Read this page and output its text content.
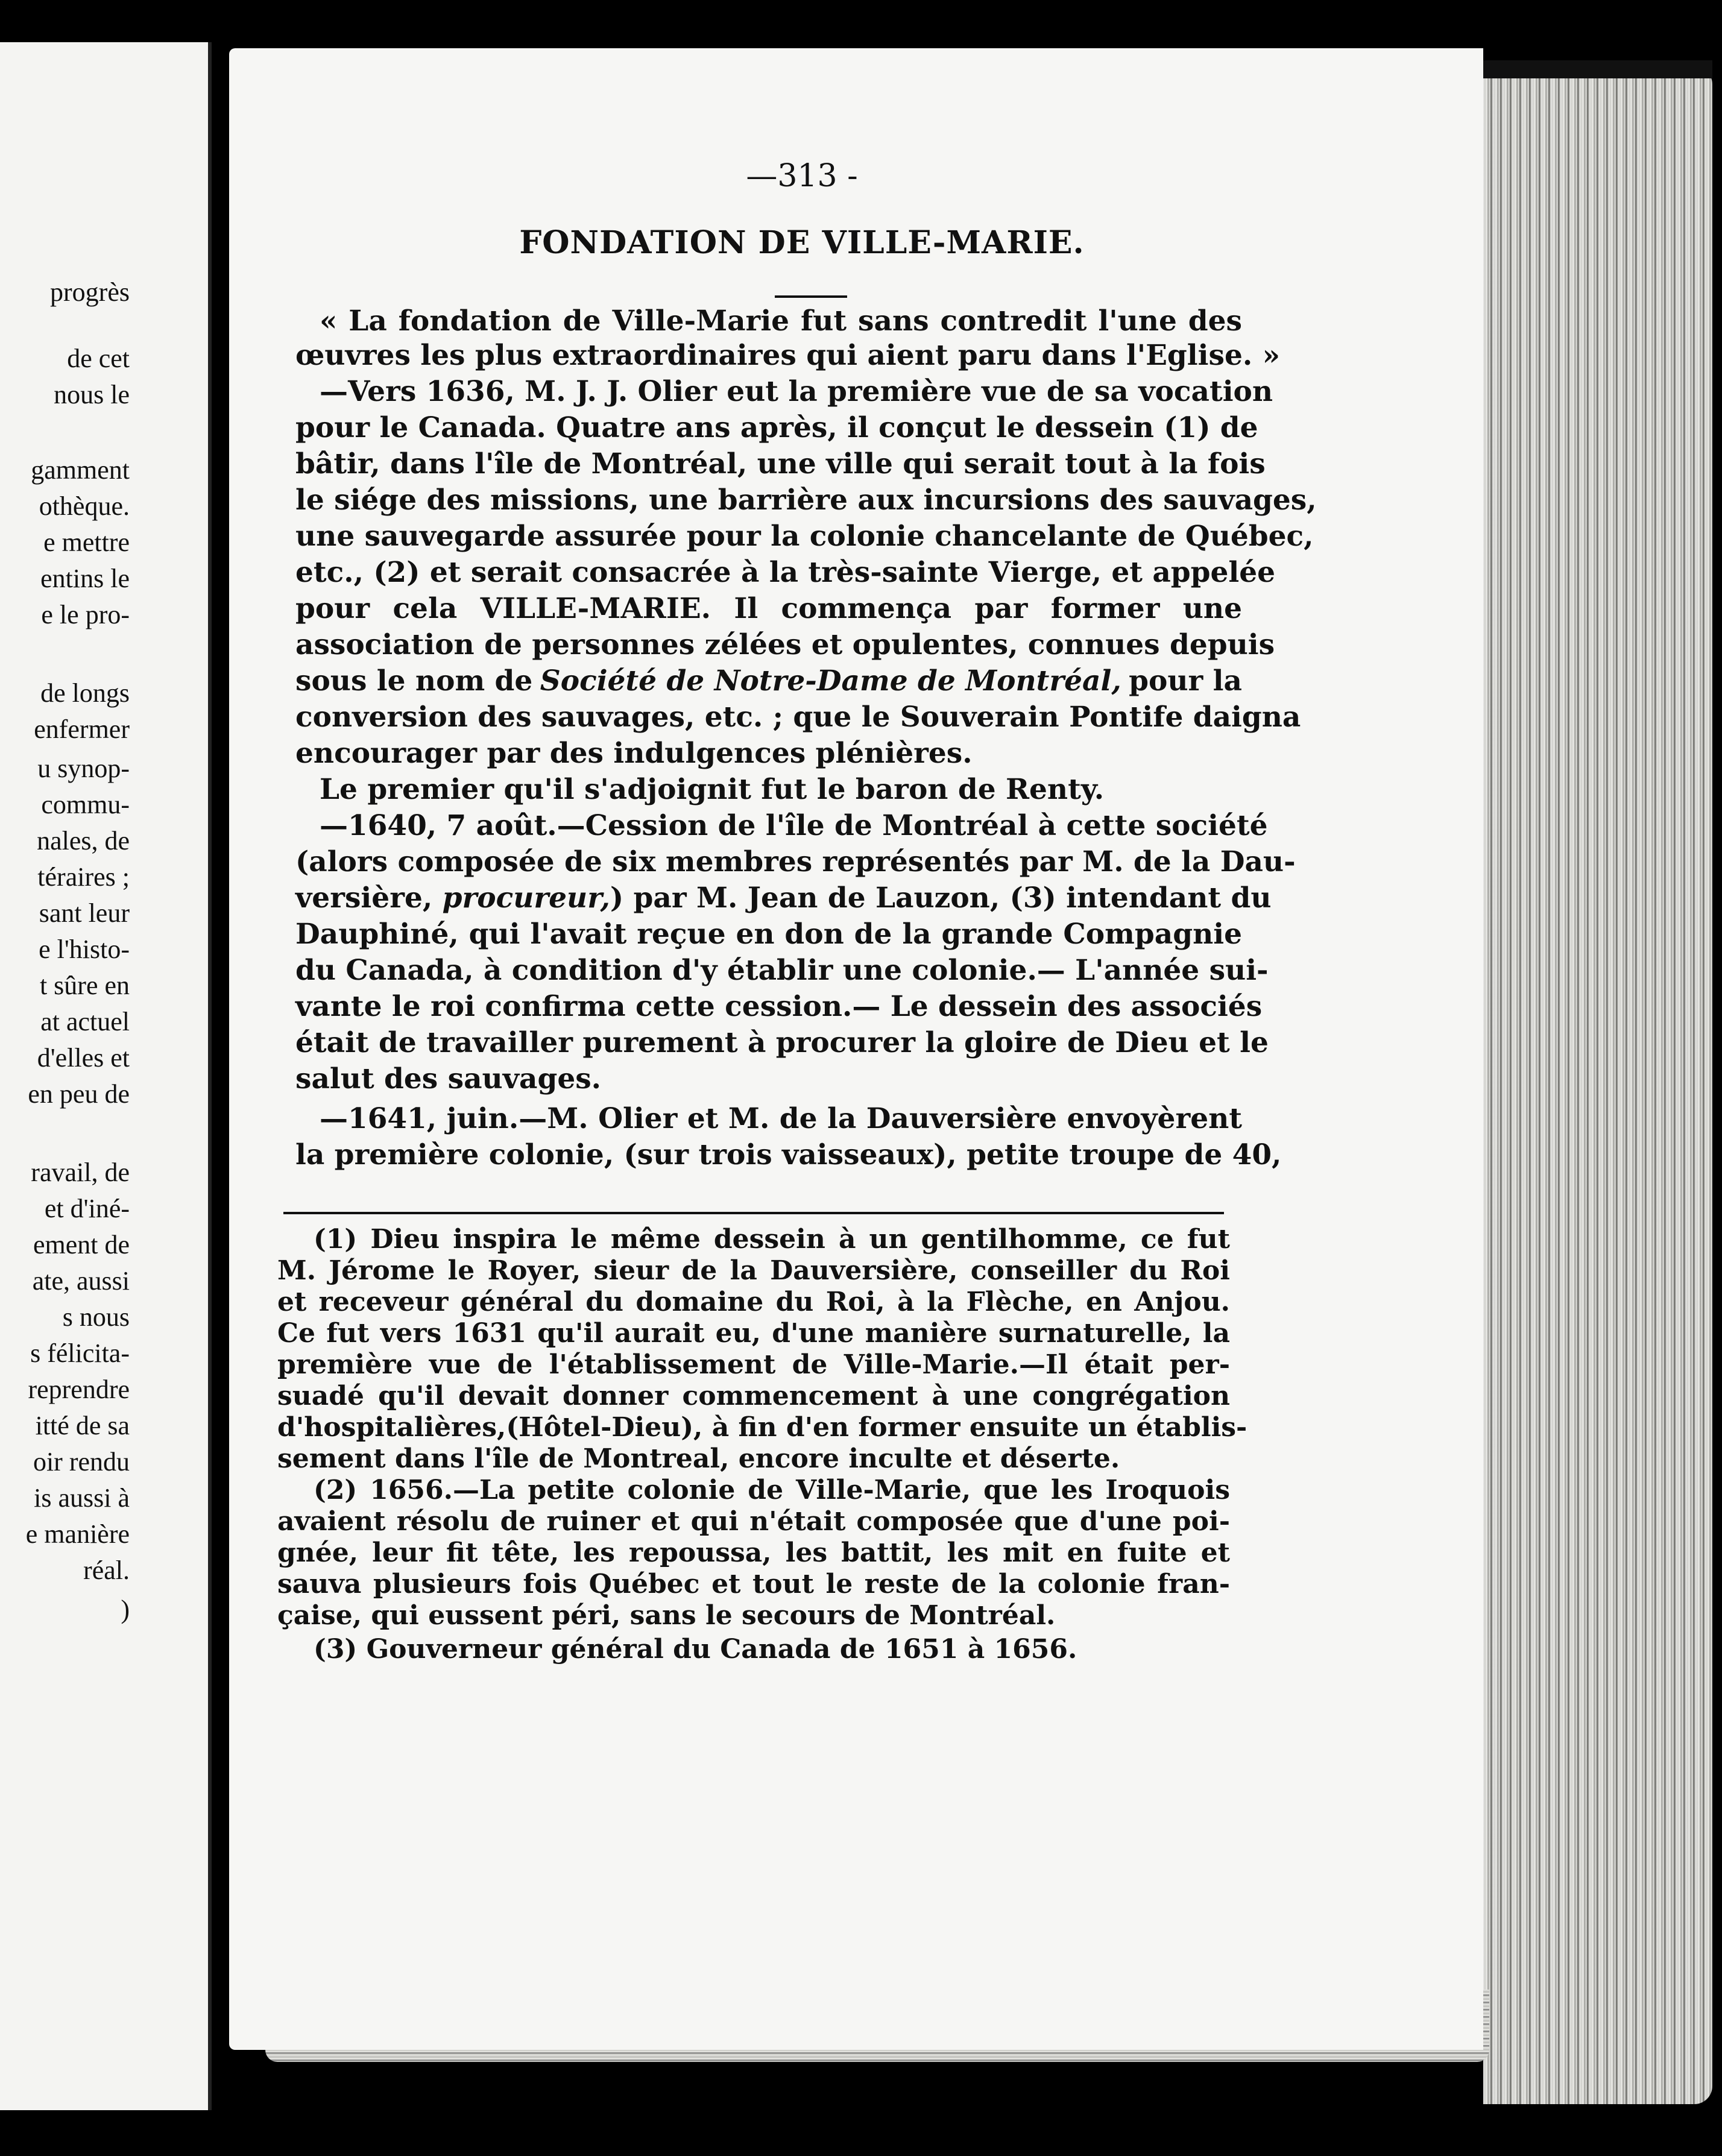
progrès
de cet
nous le
gamment
othèque.
e mettre
entins le
e le pro-
de longs
enfermer
u synop-
commu-
nales, de
téraires ;
sant leur
e l'histo-
t sûre en
at actuel
d'elles et
en peu de
ravail, de
et d'iné-
ement de
ate, aussi
s nous
s félicita-
reprendre
itté de sa
oir rendu
is aussi à
e manière
réal.
)
—313 -
FONDATION DE VILLE-MARIE.
« La fondation de Ville-Marie fut sans contredit l'une des
œuvres les plus extraordinaires qui aient paru dans l'Eglise. »
—Vers 1636, M. J. J. Olier eut la première vue de sa vocation
pour le Canada. Quatre ans après, il conçut le dessein (1) de
bâtir, dans l'île de Montréal, une ville qui serait tout à la fois
le siége des missions, une barrière aux incursions des sauvages,
une sauvegarde assurée pour la colonie chancelante de Québec,
etc., (2) et serait consacrée à la très-sainte Vierge, et appelée
pour cela VILLE-MARIE. Il commença par former une
association de personnes zélées et opulentes, connues depuis
sous le nom de Société de Notre-Dame de Montréal, pour la
conversion des sauvages, etc. ; que le Souverain Pontife daigna
encourager par des indulgences plénières.
Le premier qu'il s'adjoignit fut le baron de Renty.
—1640, 7 août.—Cession de l'île de Montréal à cette société
(alors composée de six membres représentés par M. de la Dau-
versière, procureur,) par M. Jean de Lauzon, (3) intendant du
Dauphiné, qui l'avait reçue en don de la grande Compagnie
du Canada, à condition d'y établir une colonie.— L'année sui-
vante le roi confirma cette cession.— Le dessein des associés
était de travailler purement à procurer la gloire de Dieu et le
salut des sauvages.
—1641, juin.—M. Olier et M. de la Dauversière envoyèrent
la première colonie, (sur trois vaisseaux), petite troupe de 40,
(1) Dieu inspira le même dessein à un gentilhomme, ce fut
M. Jérome le Royer, sieur de la Dauversière, conseiller du Roi
et receveur général du domaine du Roi, à la Flèche, en Anjou.
Ce fut vers 1631 qu'il aurait eu, d'une manière surnaturelle, la
première vue de l'établissement de Ville-Marie.—Il était per-
suadé qu'il devait donner commencement à une congrégation
d'hospitalières,(Hôtel-Dieu), à fin d'en former ensuite un établis-
sement dans l'île de Montreal, encore inculte et déserte.
(2) 1656.—La petite colonie de Ville-Marie, que les Iroquois
avaient résolu de ruiner et qui n'était composée que d'une poi-
gnée, leur fit tête, les repoussa, les battit, les mit en fuite et
sauva plusieurs fois Québec et tout le reste de la colonie fran-
çaise, qui eussent péri, sans le secours de Montréal.
(3) Gouverneur général du Canada de 1651 à 1656.
